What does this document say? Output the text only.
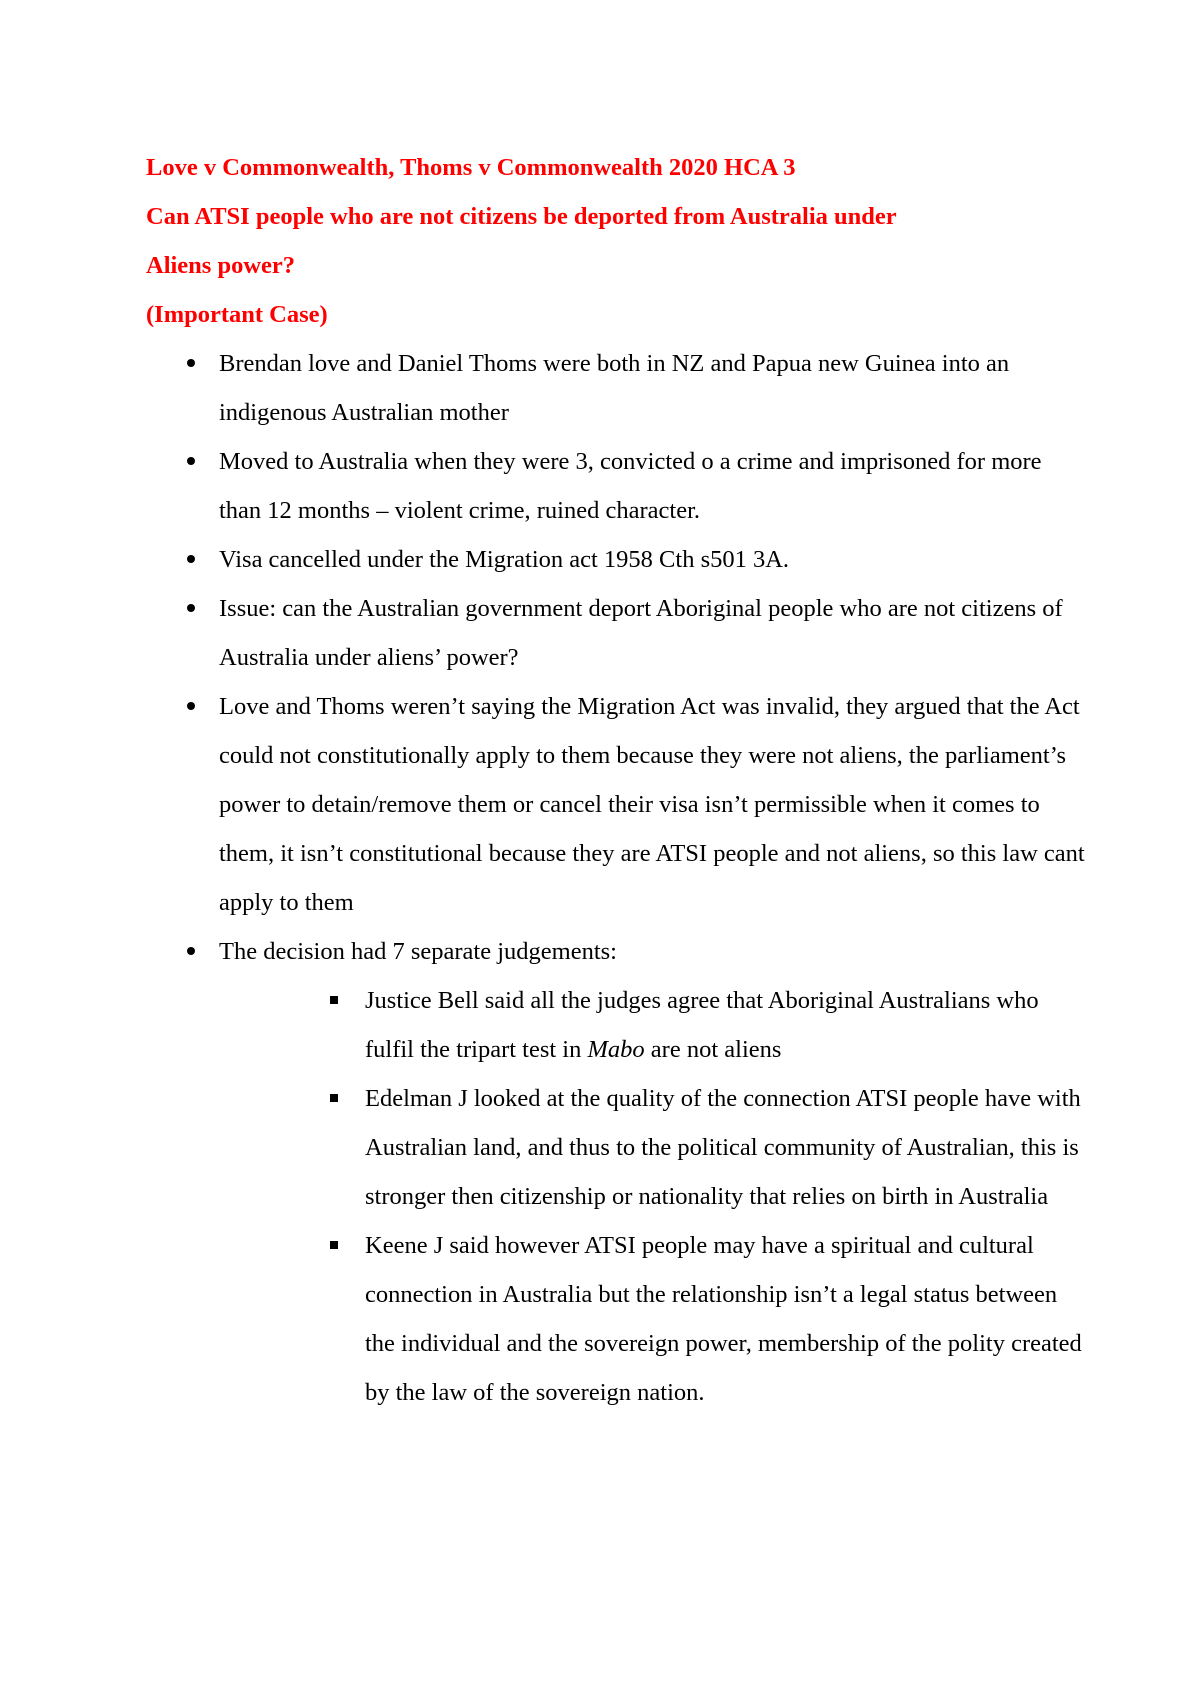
Love v Commonwealth, Thoms v Commonwealth 2020 HCA 3

Can ATSI people who are not citizens be deported from Australia under

Aliens power?

(Important Case)

Brendan love and Daniel Thoms were both in NZ and Papua new Guinea into an indigenous Australian mother
Moved to Australia when they were 3, convicted o a crime and imprisoned for more than 12 months – violent crime, ruined character.
Visa cancelled under the Migration act 1958 Cth s501 3A.
Issue: can the Australian government deport Aboriginal people who are not citizens of Australia under aliens’ power?
Love and Thoms weren’t saying the Migration Act was invalid, they argued that the Act could not constitutionally apply to them because they were not aliens, the parliament’s power to detain/remove them or cancel their visa isn’t permissible when it comes to them, it isn’t constitutional because they are ATSI people and not aliens, so this law cant apply to them
The decision had 7 separate judgements:
Justice Bell said all the judges agree that Aboriginal Australians who fulfil the tripart test in Mabo are not aliens
Edelman J looked at the quality of the connection ATSI people have with Australian land, and thus to the political community of Australian, this is stronger then citizenship or nationality that relies on birth in Australia
Keene J said however ATSI people may have a spiritual and cultural connection in Australia but the relationship isn’t a legal status between the individual and the sovereign power, membership of the polity created by the law of the sovereign nation.
